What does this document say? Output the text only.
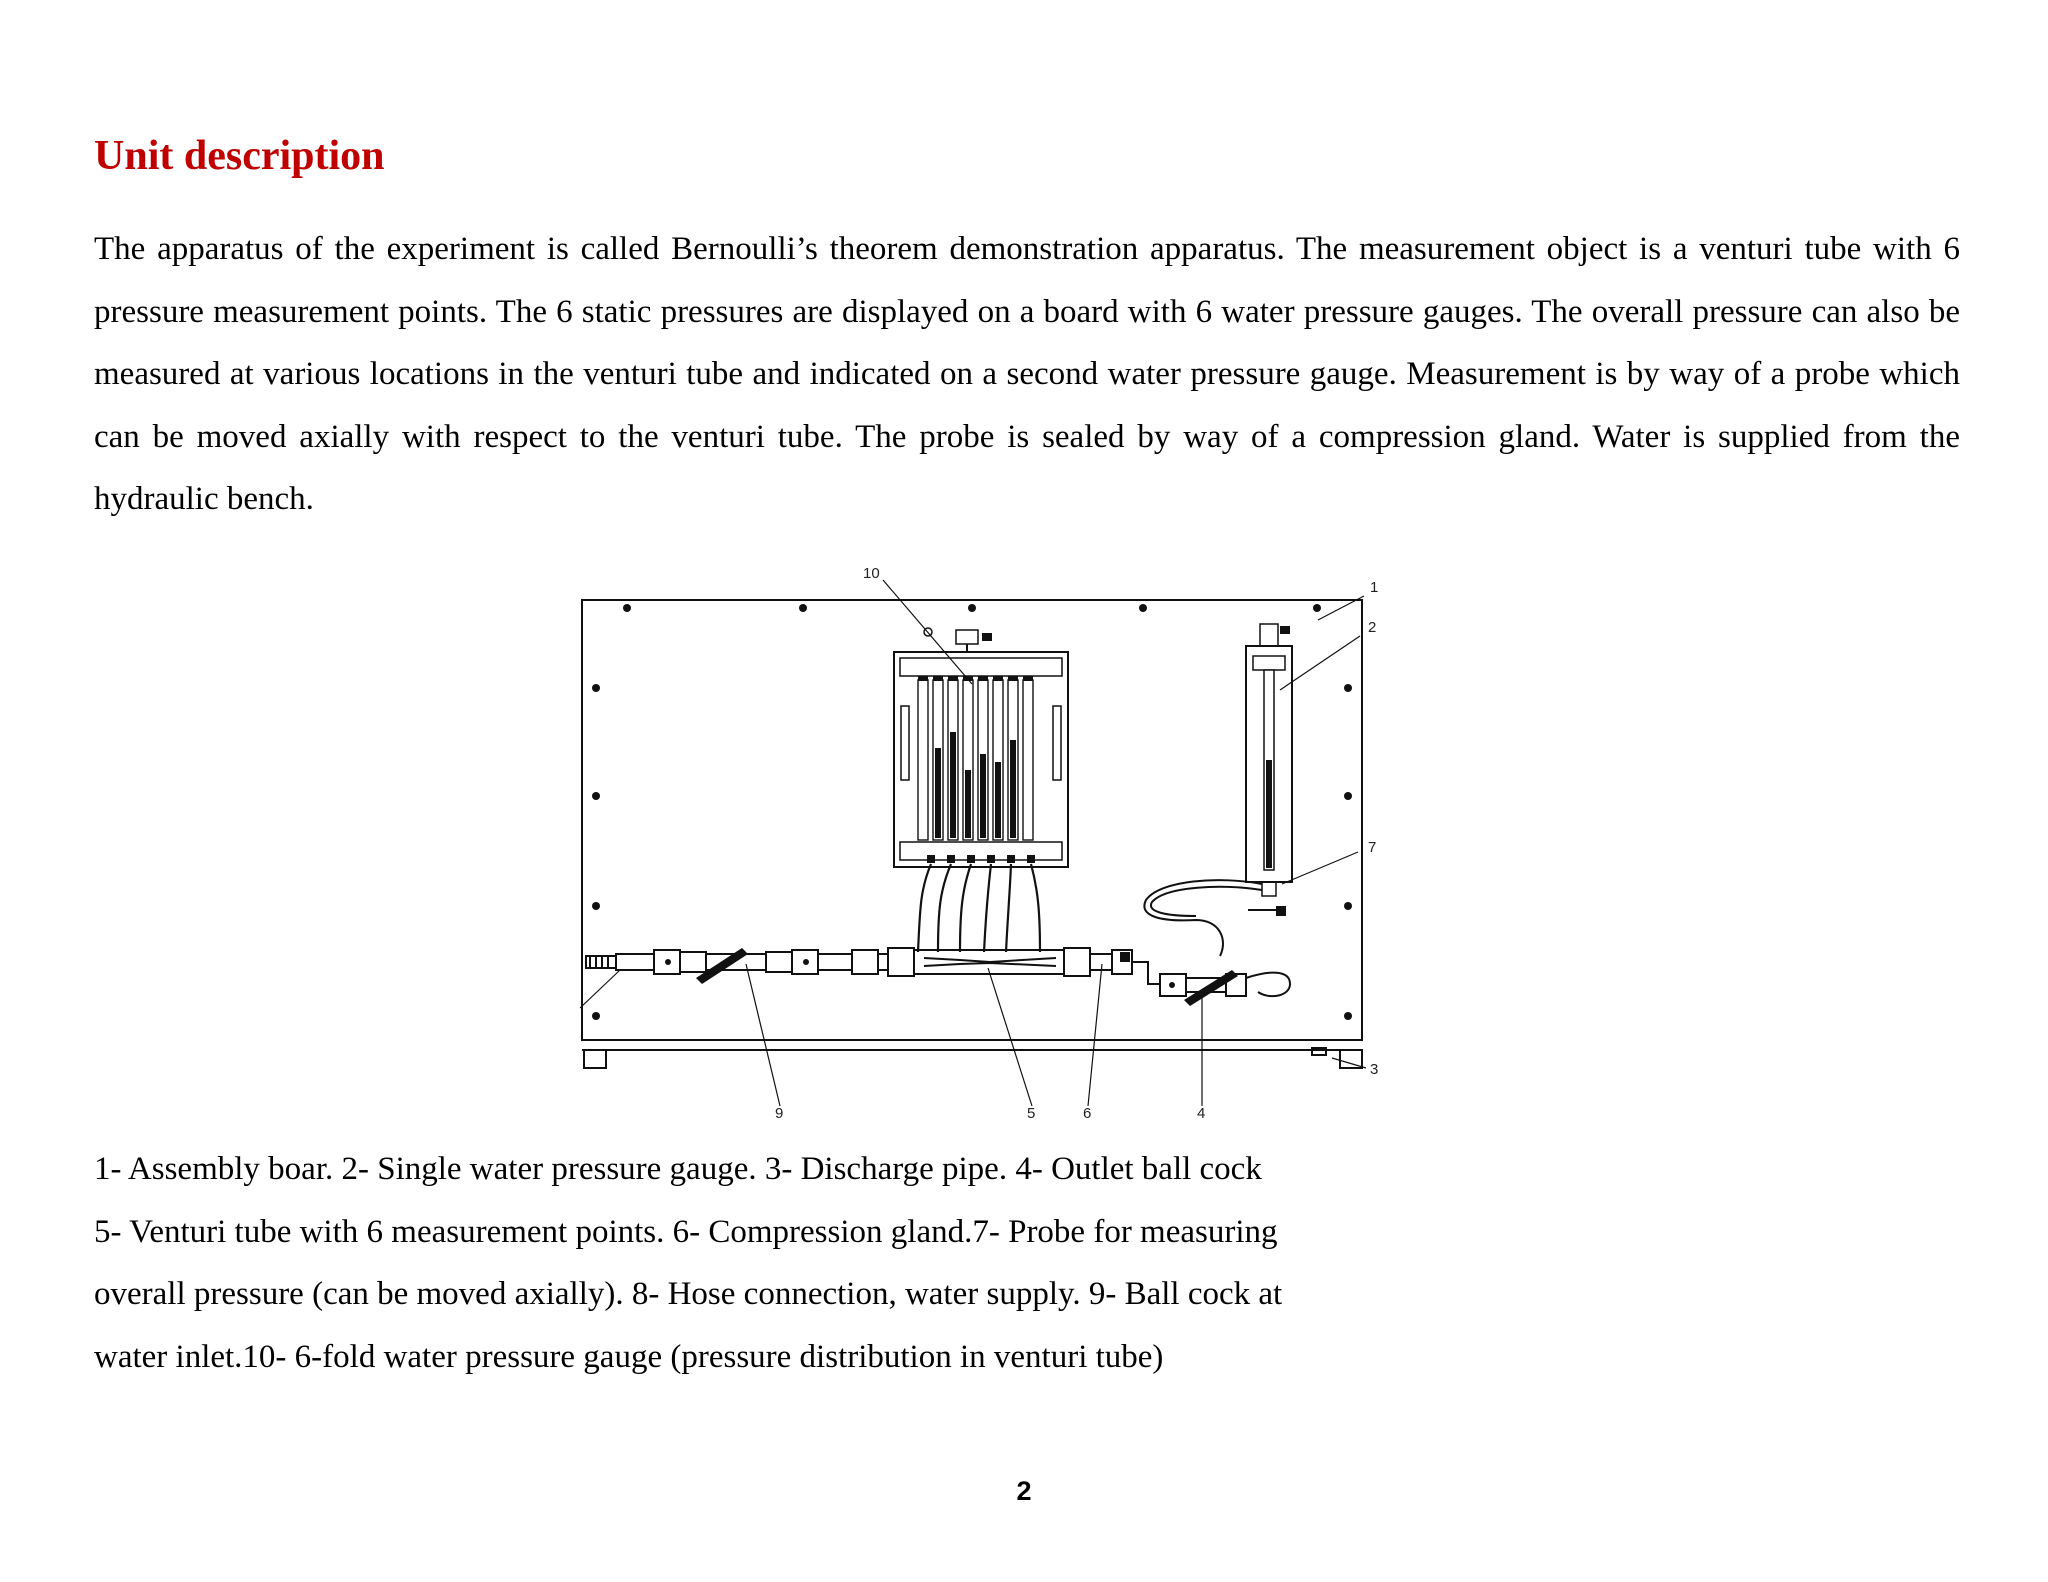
Unit description

The apparatus of the experiment is called Bernoulli’s theorem demonstration apparatus. The measurement object is a venturi tube with 6 pressure measurement points. The 6 static pressures are displayed on a board with 6 water pressure gauges. The overall pressure can also be measured at various locations in the venturi tube and indicated on a second water pressure gauge. Measurement is by way of a probe which can be moved axially with respect to the venturi tube. The probe is sealed by way of a compression gland. Water is supplied from the hydraulic bench.

10
1
2
7
3
9	5	6	4
1- Assembly boar. 2- Single water pressure gauge. 3- Discharge pipe. 4- Outlet ball cock
5- Venturi tube with 6 measurement points. 6- Compression gland.7- Probe for measuring
overall pressure (can be moved axially). 8- Hose connection, water supply. 9- Ball cock at
water inlet.10- 6-fold water pressure gauge (pressure distribution in venturi tube)
2
